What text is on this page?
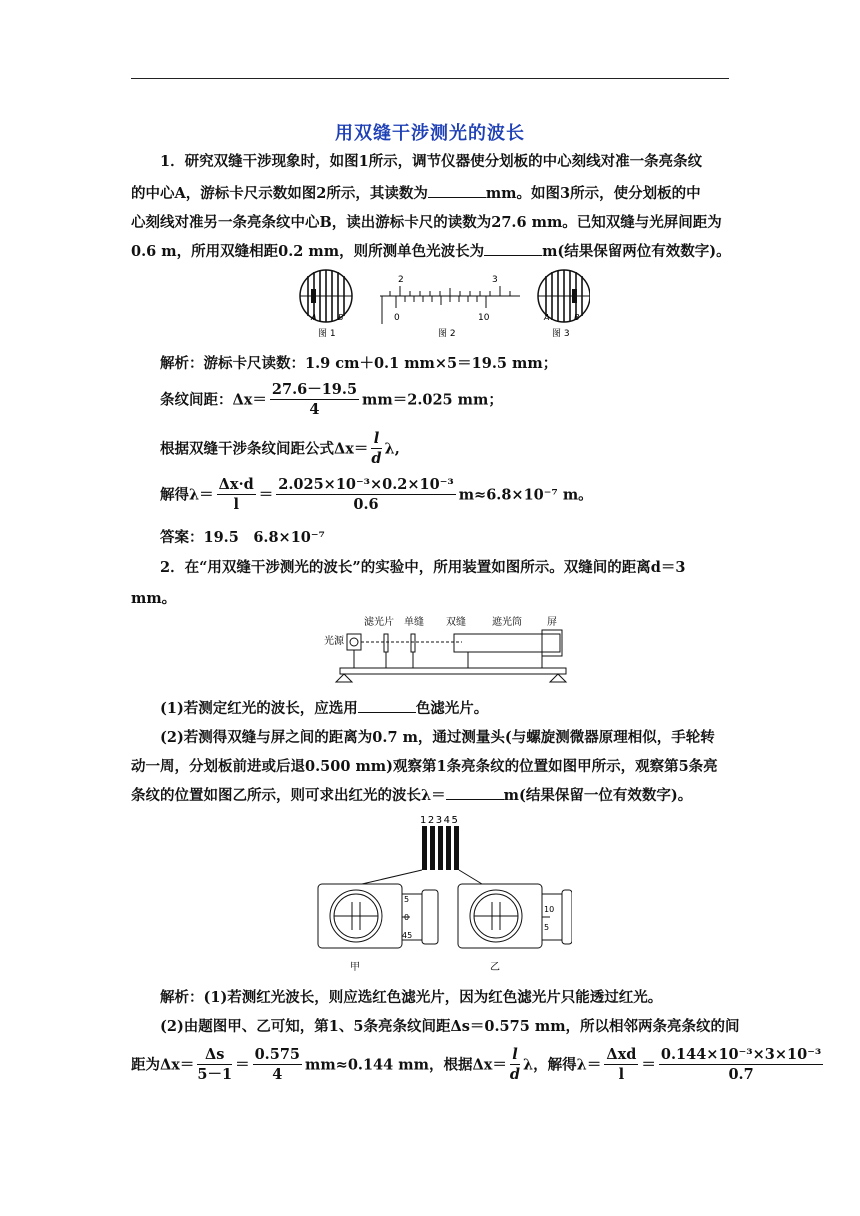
用双缝干涉测光的波长
1．研究双缝干涉现象时，如图1所示，调节仪器使分划板的中心刻线对准一条亮条纹
的中心A，游标卡尺示数如图2所示，其读数为	mm。如图3所示，使分划板的中
心刻线对准另一条亮条纹中心B，读出游标卡尺的读数为27.6 mm。已知双缝与光屏间距为
0.6 m，所用双缝相距0.2 mm，则所测单色光波长为	m(结果保留两位有效数字)。
A	B
图 1
2	3
0	10
图 2
A	B
图 3
解析：游标卡尺读数：1.9 cm＋0.1 mm×5＝19.5 mm；
条纹间距：$\Delta x= \frac{27.6-19.5}{4} mm=2.025$ mm；
根据双缝干涉条纹间距公式$\Delta x= \frac{l}{d} \lambda$,
解得$\lambda= \frac{\Delta x\cdot d}{l} = \frac{\text{2.025×10⁻³×0.2×10⁻³}}{0.6} m\approx 6.8\times 10^{-7}$ m。
答案：19.5　6.8×10⁻⁷
2．在“用双缝干涉测光的波长”的实验中，所用装置如图所示。双缝间的距离d＝3
mm。
滤光片 单缝 双缝	遮光筒	屏
光源
(1)若测定红光的波长，应选用	色滤光片。
(2)若测得双缝与屏之间的距离为0.7 m，通过测量头(与螺旋测微器原理相似，手轮转
动一周，分划板前进或后退0.500 mm)观察第1条亮条纹的位置如图甲所示，观察第5条亮
条纹的位置如图乙所示，则可求出红光的波长λ＝	m(结果保留一位有效数字)。
12345
5
0
45
10
5
甲	乙
解析：(1)若测红光波长，则应选红色滤光片，因为红色滤光片只能透过红光。
(2)由题图甲、乙可知，第1、5条亮条纹间距Δs＝0.575 mm，所以相邻两条亮条纹的间
距为$\Delta x= \frac{\Delta s}{5-1} = \frac{0.575}{4} mm\approx 0.144$ mm，根据$\Delta x= \frac{l}{d}$ λ，解得$\lambda= \frac{\text{Δxd}}{l} = \frac{\text{0.144×10⁻³×3×10⁻³}}{0.7}$
